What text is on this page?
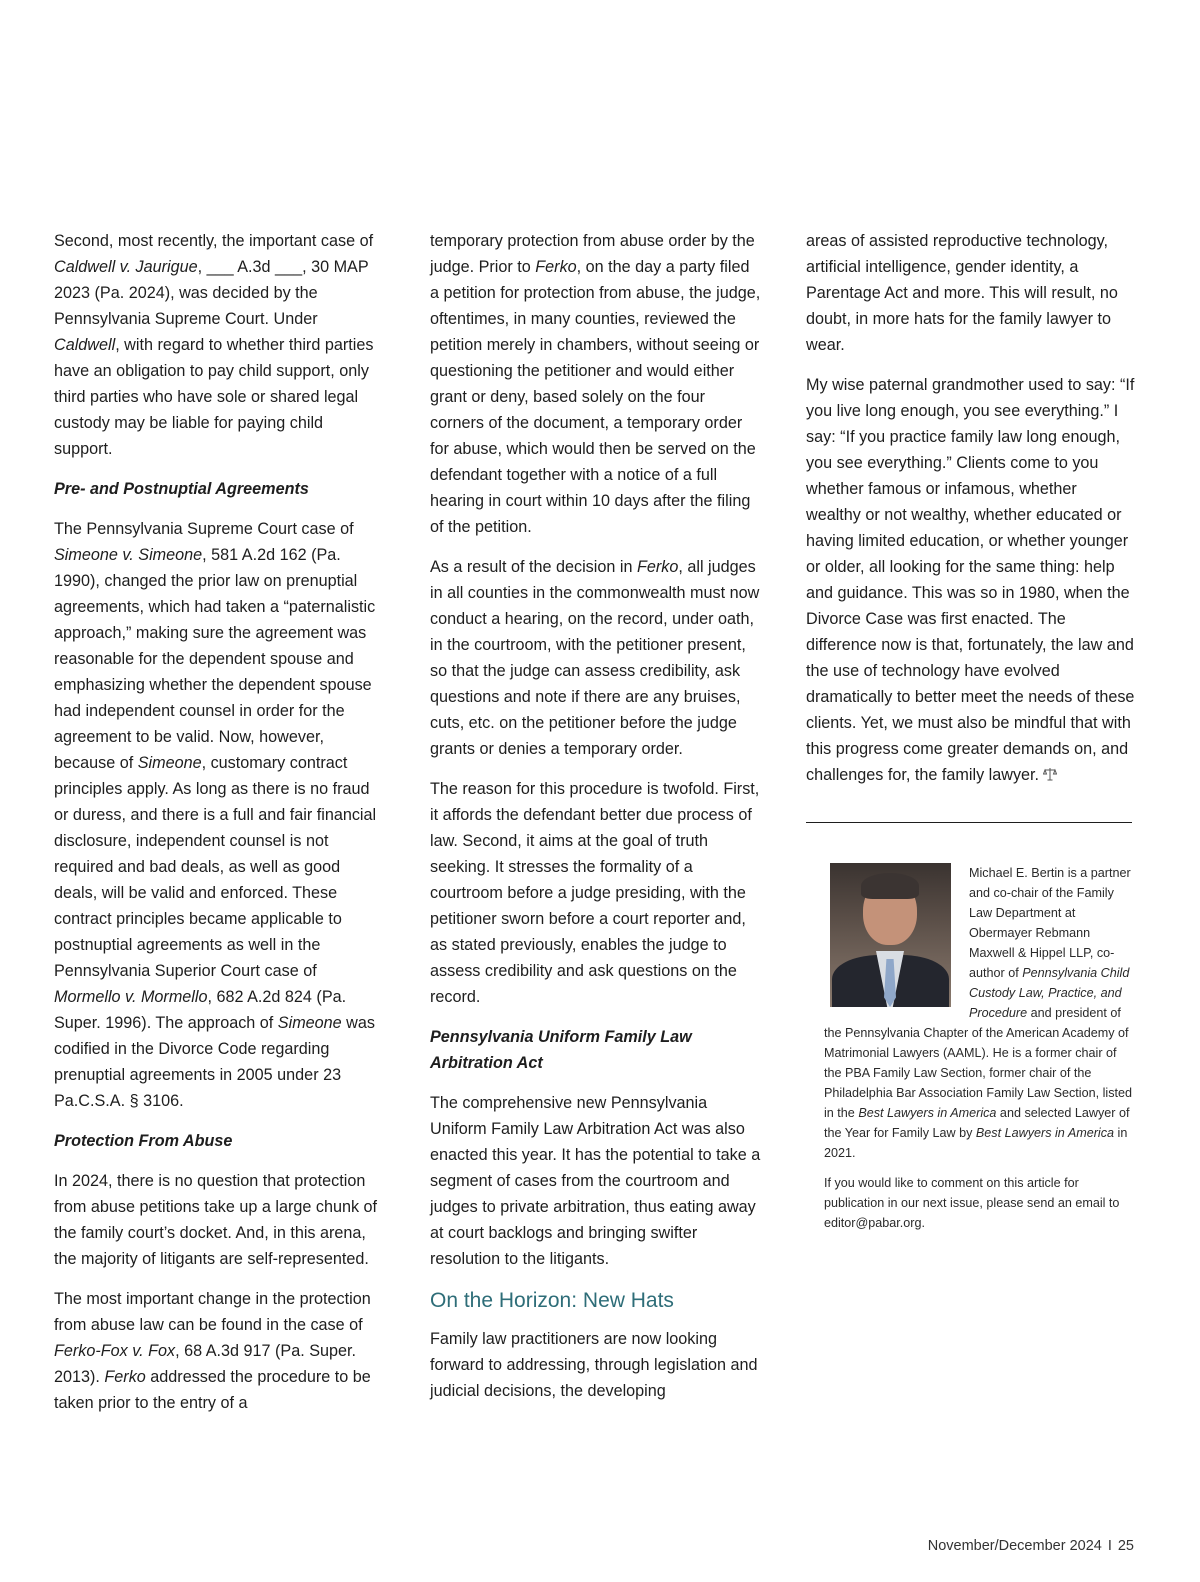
Second, most recently, the important case of Caldwell v. Jaurigue, ___ A.3d ___, 30 MAP 2023 (Pa. 2024), was decided by the Pennsylvania Supreme Court. Under Caldwell, with regard to whether third parties have an obligation to pay child support, only third parties who have sole or shared legal custody may be liable for paying child support.

Pre- and Postnuptial Agreements

The Pennsylvania Supreme Court case of Simeone v. Simeone, 581 A.2d 162 (Pa. 1990), changed the prior law on prenuptial agreements, which had taken a “paternalistic approach,” making sure the agreement was reasonable for the dependent spouse and emphasizing whether the dependent spouse had independent counsel in order for the agreement to be valid. Now, however, because of Simeone, customary contract principles apply. As long as there is no fraud or duress, and there is a full and fair financial disclosure, independent counsel is not required and bad deals, as well as good deals, will be valid and enforced. These contract principles became applicable to postnuptial agreements as well in the Pennsylvania Superior Court case of Mormello v. Mormello, 682 A.2d 824 (Pa. Super. 1996). The approach of Simeone was codified in the Divorce Code regarding prenuptial agreements in 2005 under 23 Pa.C.S.A. § 3106.

Protection From Abuse

In 2024, there is no question that protection from abuse petitions take up a large chunk of the family court’s docket. And, in this arena, the majority of litigants are self-represented.

The most important change in the protection from abuse law can be found in the case of Ferko-Fox v. Fox, 68 A.3d 917 (Pa. Super. 2013). Ferko addressed the procedure to be taken prior to the entry of a

temporary protection from abuse order by the judge. Prior to Ferko, on the day a party filed a petition for protection from abuse, the judge, oftentimes, in many counties, reviewed the petition merely in chambers, without seeing or questioning the petitioner and would either grant or deny, based solely on the four corners of the document, a temporary order for abuse, which would then be served on the defendant together with a notice of a full hearing in court within 10 days after the filing of the petition.

As a result of the decision in Ferko, all judges in all counties in the commonwealth must now conduct a hearing, on the record, under oath, in the courtroom, with the petitioner present, so that the judge can assess credibility, ask questions and note if there are any bruises, cuts, etc. on the petitioner before the judge grants or denies a temporary order.

The reason for this procedure is twofold. First, it affords the defendant better due process of law. Second, it aims at the goal of truth seeking. It stresses the formality of a courtroom before a judge presiding, with the petitioner sworn before a court reporter and, as stated previously, enables the judge to assess credibility and ask questions on the record.

Pennsylvania Uniform Family Law Arbitration Act

The comprehensive new Pennsylvania Uniform Family Law Arbitration Act was also enacted this year. It has the potential to take a segment of cases from the courtroom and judges to private arbitration, thus eating away at court backlogs and bringing swifter resolution to the litigants.

On the Horizon: New Hats

Family law practitioners are now looking forward to addressing, through legislation and judicial decisions, the developing

areas of assisted reproductive technology, artificial intelligence, gender identity, a Parentage Act and more. This will result, no doubt, in more hats for the family lawyer to wear.

My wise paternal grandmother used to say: “If you live long enough, you see everything.” I say: “If you practice family law long enough, you see everything.” Clients come to you whether famous or infamous, whether wealthy or not wealthy, whether educated or having limited education, or whether younger or older, all looking for the same thing: help and guidance. This was so in 1980, when the Divorce Case was first enacted. The difference now is that, fortunately, the law and the use of technology have evolved dramatically to better meet the needs of these clients. Yet, we must also be mindful that with this progress come greater demands on, and challenges for, the family lawyer.

Michael E. Bertin is a partner and co-chair of the Family Law Department at Obermayer Rebmann Maxwell & Hippel LLP, co-author of Pennsylvania Child Custody Law, Practice, and Procedure and president of the Pennsylvania Chapter of the American Academy of Matrimonial Lawyers (AAML). He is a former chair of the PBA Family Law Section, former chair of the Philadelphia Bar Association Family Law Section, listed in the Best Lawyers in America and selected Lawyer of the Year for Family Law by Best Lawyers in America in 2021.

If you would like to comment on this article for publication in our next issue, please send an email to editor@pabar.org.

November/December 2024 I 25
